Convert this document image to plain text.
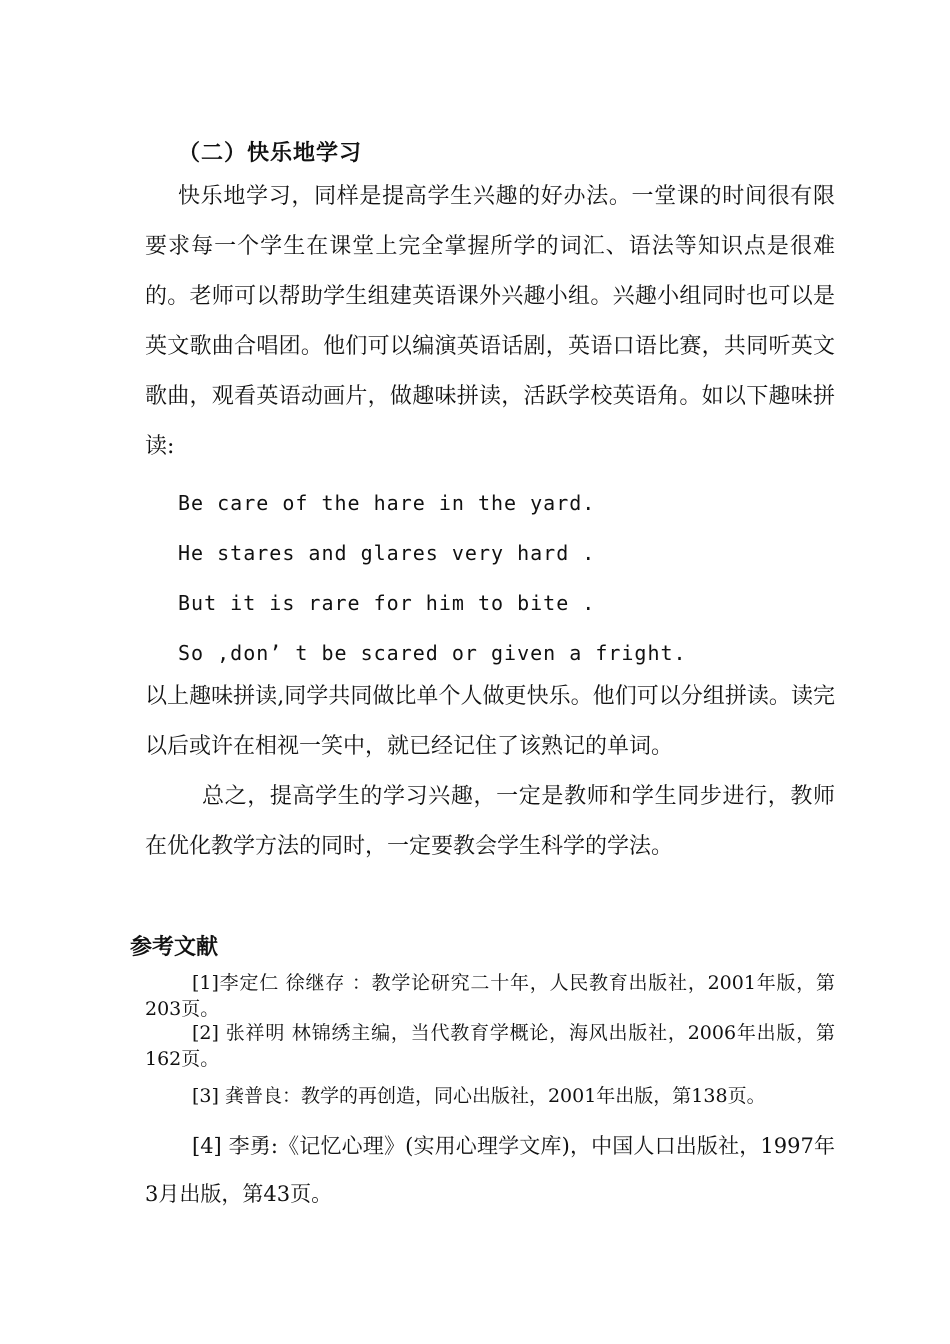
（二）快乐地学习

快乐地学习，同样是提高学生兴趣的好办法。一堂课的时间很有限要求每一个学生在课堂上完全掌握所学的词汇、语法等知识点是很难的。老师可以帮助学生组建英语课外兴趣小组。兴趣小组同时也可以是英文歌曲合唱团。他们可以编演英语话剧，英语口语比赛，共同听英文歌曲，观看英语动画片，做趣味拼读，活跃学校英语角。如以下趣味拼读:

Be care of the hare in the yard.
He stares and glares very hard .
But it is rare for him to bite .
So ,don’ t be scared or given a fright.

以上趣味拼读,同学共同做比单个人做更快乐。他们可以分组拼读。读完以后或许在相视一笑中，就已经记住了该熟记的单词。

总之，提高学生的学习兴趣，一定是教师和学生同步进行，教师在优化教学方法的同时，一定要教会学生科学的学法。

参考文献
[1]李定仁 徐继存 ：教学论研究二十年，人民教育出版社，2001年版，第203页。
[2] 张祥明 林锦绣主编，当代教育学概论，海风出版社，2006年出版，第162页。
[3] 龚普良：教学的再创造，同心出版社，2001年出版，第138页。
[4] 李勇:《记忆心理》(实用心理学文库)，中国人口出版社，1997年3月出版，第43页。
